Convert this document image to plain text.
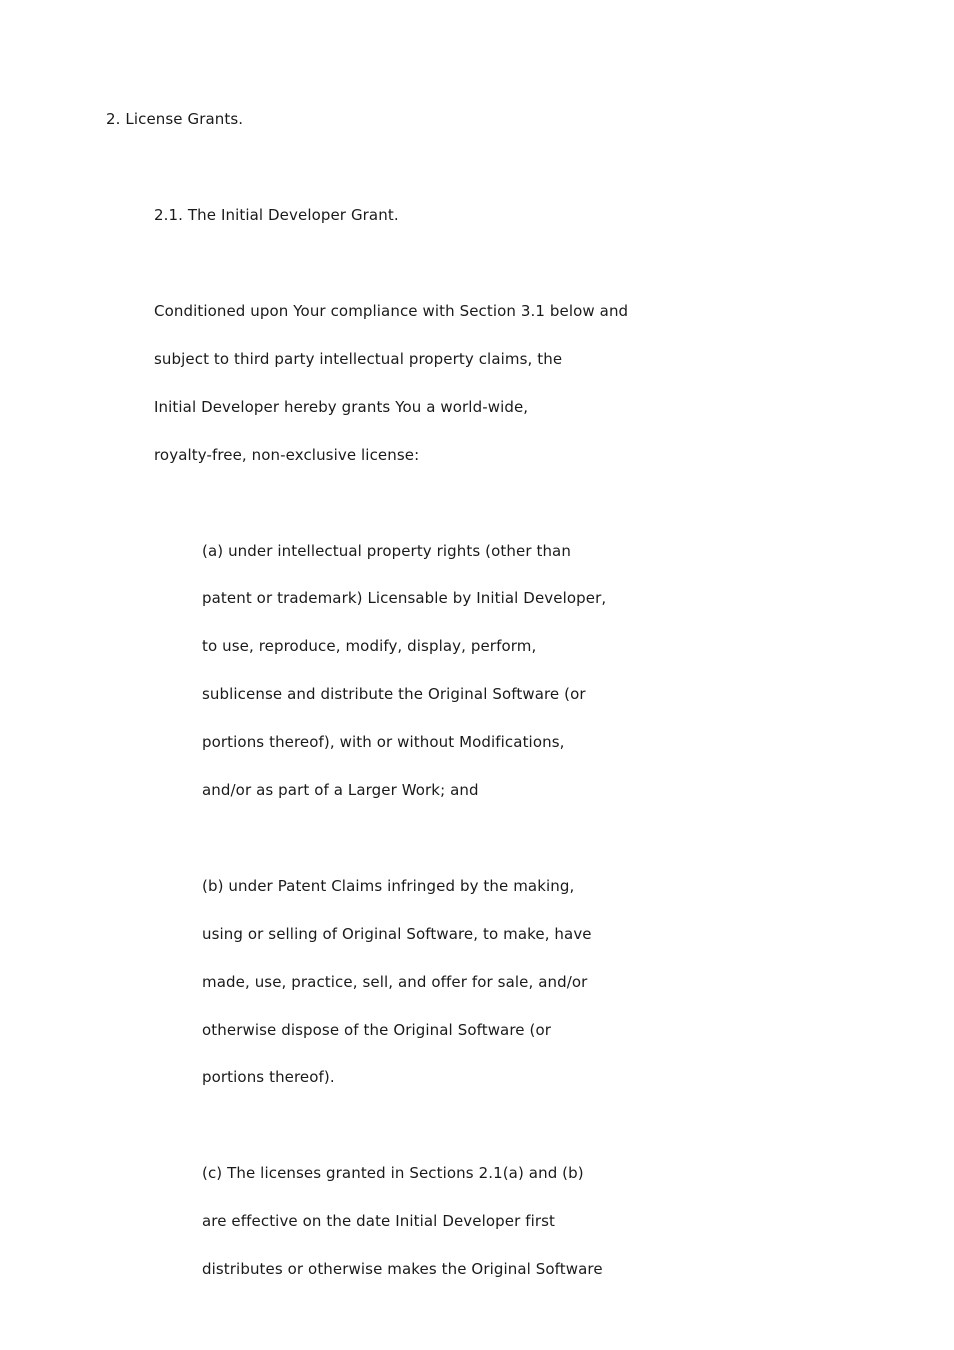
2. License Grants.
2.1. The Initial Developer Grant.
Conditioned upon Your compliance with Section 3.1 below and
subject to third party intellectual property claims, the
Initial Developer hereby grants You a world-wide,
royalty-free, non-exclusive license:
(a) under intellectual property rights (other than
patent or trademark) Licensable by Initial Developer,
to use, reproduce, modify, display, perform,
sublicense and distribute the Original Software (or
portions thereof), with or without Modifications,
and/or as part of a Larger Work; and
(b) under Patent Claims infringed by the making,
using or selling of Original Software, to make, have
made, use, practice, sell, and offer for sale, and/or
otherwise dispose of the Original Software (or
portions thereof).
(c) The licenses granted in Sections 2.1(a) and (b)
are effective on the date Initial Developer first
distributes or otherwise makes the Original Software
